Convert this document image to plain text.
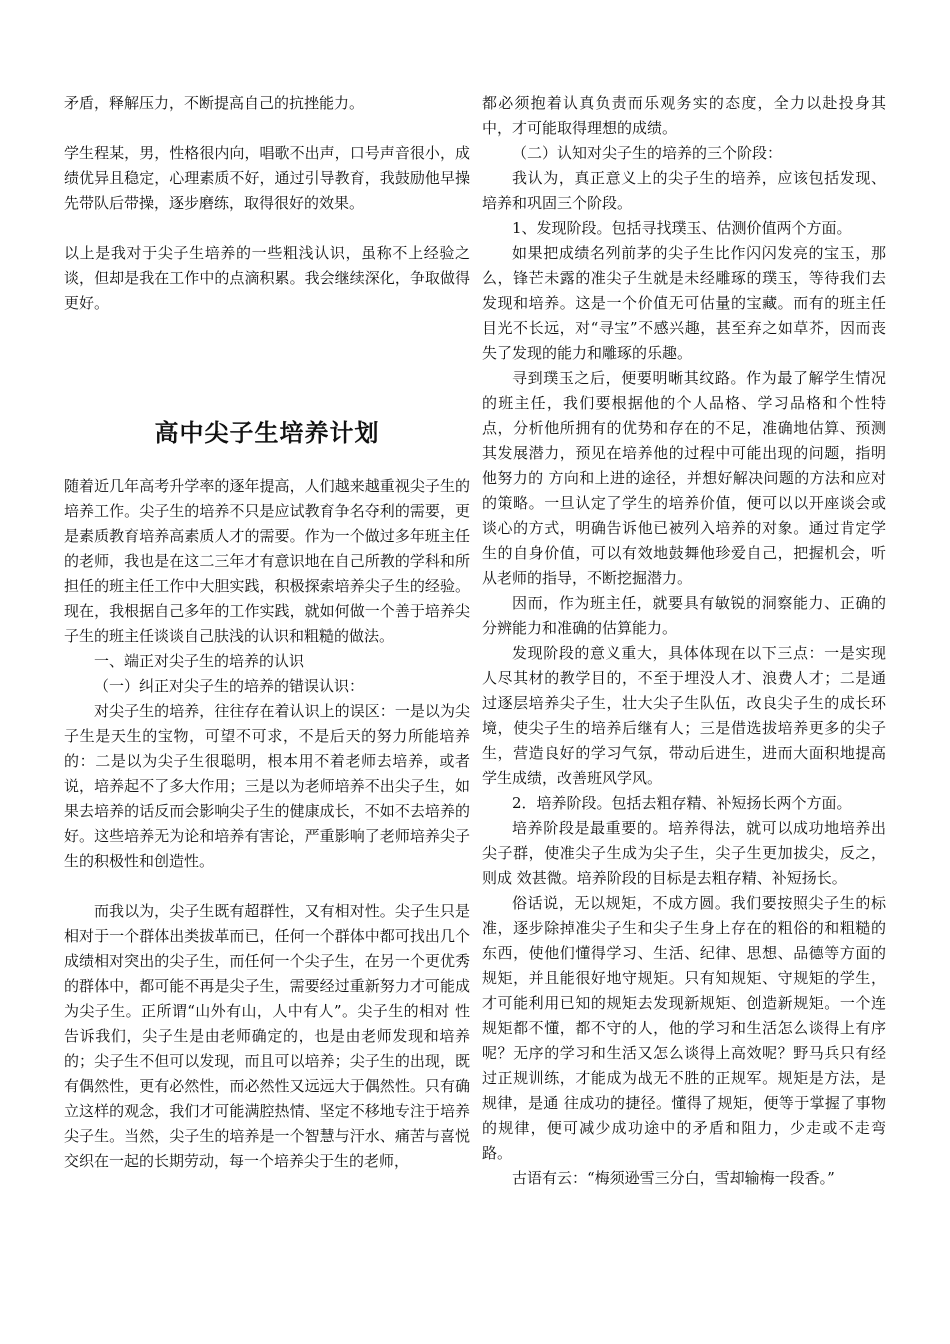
矛盾，释解压力，不断提高自己的抗挫能力。

学生程某，男，性格很内向，唱歌不出声，口号声音很小，成绩优异且稳定，心理素质不好，通过引导教育，我鼓励他早操先带队后带操，逐步磨练，取得很好的效果。

以上是我对于尖子生培养的一些粗浅认识，虽称不上经验之谈，但却是我在工作中的点滴积累。我会继续深化，争取做得更好。

高中尖子生培养计划

随着近几年高考升学率的逐年提高，人们越来越重视尖子生的培养工作。尖子生的培养不只是应试教育争名夺利的需要，更是素质教育培养高素质人才的需要。作为一个做过多年班主任的老师，我也是在这二三年才有意识地在自己所教的学科和所担任的班主任工作中大胆实践，积极探索培养尖子生的经验。现在，我根据自己多年的工作实践，就如何做一个善于培养尖子生的班主任谈谈自己肤浅的认识和粗糙的做法。

一、端正对尖子生的培养的认识

（一）纠正对尖子生的培养的错误认识：

对尖子生的培养，往往存在着认识上的误区：一是以为尖子生是天生的宝物，可望不可求，不是后天的努力所能培养的：二是以为尖子生很聪明，根本用不着老师去培养，或者说，培养起不了多大作用；三是以为老师培养不出尖子生，如果去培养的话反而会影响尖子生的健康成长，不如不去培养的好。这些培养无为论和培养有害论，严重影响了老师培养尖子生的积极性和创造性。

而我以为，尖子生既有超群性，又有相对性。尖子生只是相对于一个群体出类拔革而已，任何一个群体中都可找出几个成绩相对突出的尖子生，而任何一个尖子生，在另一个更优秀的群体中，都可能不再是尖子生，需要经过重新努力才可能成为尖子生。正所谓“山外有山，人中有人”。尖子生的相对 性告诉我们，尖子生是由老师确定的，也是由老师发现和培养的；尖子生不但可以发现，而且可以培养；尖子生的出现，既有偶然性，更有必然性，而必然性又远远大于偶然性。只有确立这样的观念，我们才可能满腔热情、坚定不移地专注于培养尖子生。当然，尖子生的培养是一个智慧与汗水、痛苦与喜悦交织在一起的长期劳动，每一个培养尖于生的老师，

都必须抱着认真负责而乐观务实的态度，全力以赴投身其中，才可能取得理想的成绩。

（二）认知对尖子生的培养的三个阶段：

我认为，真正意义上的尖子生的培养，应该包括发现、培养和巩固三个阶段。

1、发现阶段。包括寻找璞玉、估测价值两个方面。

如果把成绩名列前茅的尖子生比作闪闪发亮的宝玉，那么，锋芒未露的准尖子生就是未经雕琢的璞玉，等待我们去发现和培养。这是一个价值无可估量的宝藏。而有的班主任目光不长远，对“寻宝”不感兴趣，甚至弃之如草芥，因而丧失了发现的能力和雕琢的乐趣。

寻到璞玉之后，便要明晰其纹路。作为最了解学生情况的班主任，我们要根据他的个人品格、学习品格和个性特点，分析他所拥有的优势和存在的不足，准确地估算、预测其发展潜力，预见在培养他的过程中可能出现的问题，指明他努力的 方向和上进的途径，并想好解决问题的方法和应对的策略。一旦认定了学生的培养价值，便可以以开座谈会或谈心的方式，明确告诉他已被列入培养的对象。通过肯定学生的自身价值，可以有效地鼓舞他珍爱自己，把握机会，听从老师的指导，不断挖掘潜力。

因而，作为班主任，就要具有敏锐的洞察能力、正确的分辨能力和准确的估算能力。

发现阶段的意义重大，具体体现在以下三点：一是实现人尽其材的教学目的，不至于埋没人才、浪费人才；二是通过逐层培养尖子生，壮大尖子生队伍，改良尖子生的成长环境，使尖子生的培养后继有人；三是借选拔培养更多的尖子生，营造良好的学习气氛，带动后进生，进而大面积地提高学生成绩，改善班风学风。

2．培养阶段。包括去粗存精、补短扬长两个方面。

培养阶段是最重要的。培养得法，就可以成功地培养出尖子群，使准尖子生成为尖子生，尖子生更加拔尖，反之，则成 效甚微。培养阶段的目标是去粗存精、补短扬长。

俗话说，无以规矩，不成方圆。我们要按照尖子生的标准，逐步除掉准尖子生和尖子生身上存在的粗俗的和粗糙的东西，使他们懂得学习、生活、纪律、思想、品德等方面的规矩，并且能很好地守规矩。只有知规矩、守规矩的学生，才可能利用已知的规矩去发现新规矩、创造新规矩。一个连规矩都不懂，都不守的人，他的学习和生活怎么谈得上有序呢？无序的学习和生活又怎么谈得上高效呢？野马兵只有经过正规训练，才能成为战无不胜的正规军。规矩是方法，是规律，是通 往成功的捷径。懂得了规矩，便等于掌握了事物的规律，便可减少成功途中的矛盾和阻力，少走或不走弯路。

古语有云：“梅须逊雪三分白，雪却输梅一段香。”
